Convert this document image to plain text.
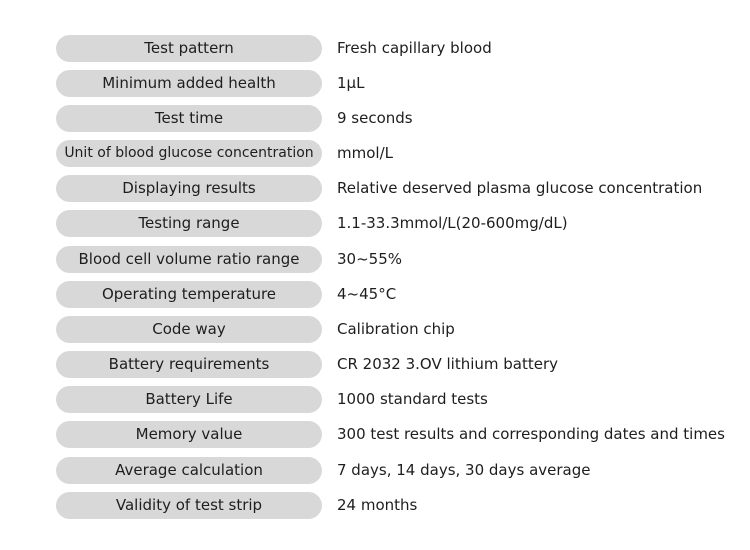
Test pattern	Fresh capillary blood
Minimum added health	1μL
Test time	9 seconds
Unit of blood glucose concentration	mmol/L
Displaying results	Relative deserved plasma glucose concentration
Testing range	1.1-33.3mmol/L(20-600mg/dL)
Blood cell volume ratio range	30~55%
Operating temperature	4~45°C
Code way	Calibration chip
Battery requirements	CR 2032 3.OV lithium battery
Battery Life	1000 standard tests
Memory value	300 test results and corresponding dates and times
Average calculation	7 days, 14 days, 30 days average
Validity of test strip	24 months
